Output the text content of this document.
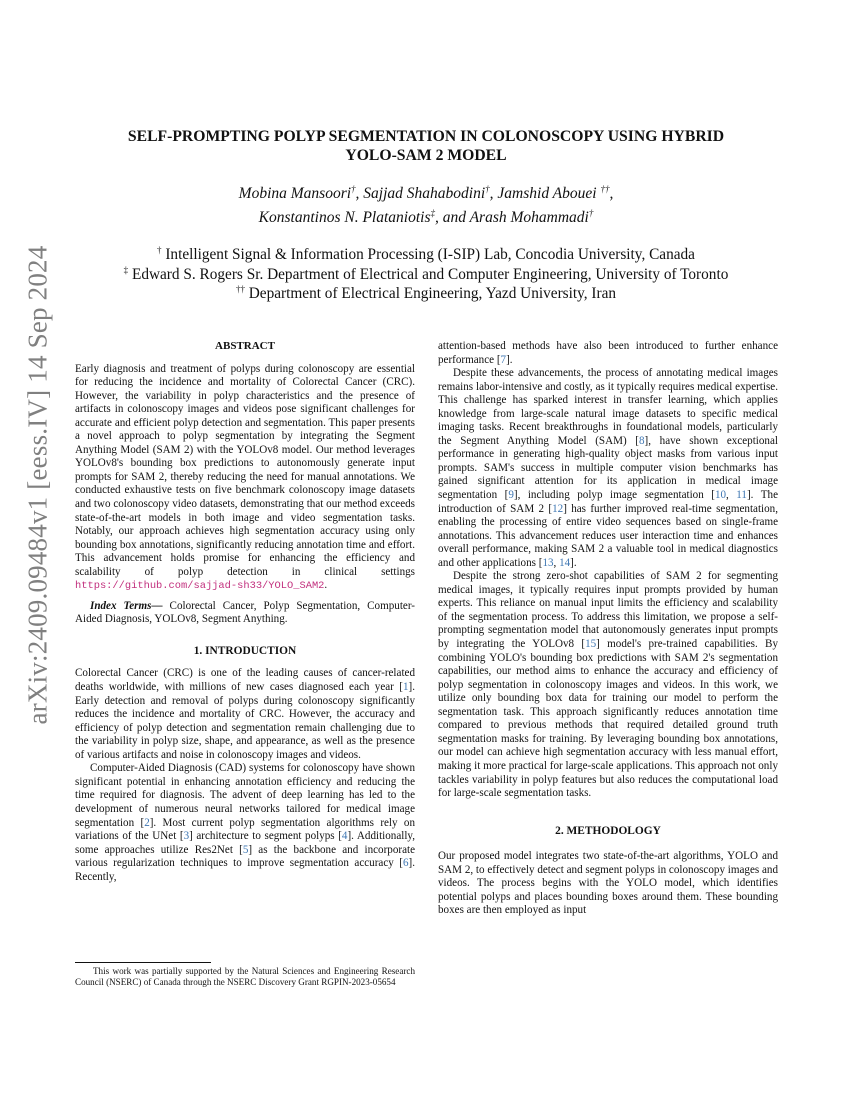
arXiv:2409.09484v1 [eess.IV] 14 Sep 2024
SELF-PROMPTING POLYP SEGMENTATION IN COLONOSCOPY USING HYBRID
YOLO-SAM 2 MODEL
Mobina Mansoori†, Sajjad Shahabodini†, Jamshid Abouei ††,
Konstantinos N. Plataniotis‡, and Arash Mohammadi†
† Intelligent Signal & Information Processing (I-SIP) Lab, Concodia University, Canada
‡ Edward S. Rogers Sr. Department of Electrical and Computer Engineering, University of Toronto
†† Department of Electrical Engineering, Yazd University, Iran
ABSTRACT

Early diagnosis and treatment of polyps during colonoscopy are essential for reducing the incidence and mortality of Colorectal Cancer (CRC). However, the variability in polyp characteristics and the presence of artifacts in colonoscopy images and videos pose significant challenges for accurate and efficient polyp detection and segmentation. This paper presents a novel approach to polyp segmentation by integrating the Segment Anything Model (SAM 2) with the YOLOv8 model. Our method leverages YOLOv8's bounding box predictions to autonomously generate input prompts for SAM 2, thereby reducing the need for manual annotations. We conducted exhaustive tests on five benchmark colonoscopy image datasets and two colonoscopy video datasets, demonstrating that our method exceeds state-of-the-art models in both image and video segmentation tasks. Notably, our approach achieves high segmentation accuracy using only bounding box annotations, significantly reducing annotation time and effort. This advancement holds promise for enhancing the efficiency and scalability of polyp detection in clinical settings https://github.com/sajjad-sh33/YOLO_SAM2.

Index Terms— Colorectal Cancer, Polyp Segmentation, Computer-Aided Diagnosis, YOLOv8, Segment Anything.

1. INTRODUCTION

Colorectal Cancer (CRC) is one of the leading causes of cancer-related deaths worldwide, with millions of new cases diagnosed each year [1]. Early detection and removal of polyps during colonoscopy significantly reduces the incidence and mortality of CRC. However, the accuracy and efficiency of polyp detection and segmentation remain challenging due to the variability in polyp size, shape, and appearance, as well as the presence of various artifacts and noise in colonoscopy images and videos.

Computer-Aided Diagnosis (CAD) systems for colonoscopy have shown significant potential in enhancing annotation efficiency and reducing the time required for diagnosis. The advent of deep learning has led to the development of numerous neural networks tailored for medical image segmentation [2]. Most current polyp segmentation algorithms rely on variations of the UNet [3] architecture to segment polyps [4]. Additionally, some approaches utilize Res2Net [5] as the backbone and incorporate various regularization techniques to improve segmentation accuracy [6]. Recently,

This work was partially supported by the Natural Sciences and Engineering Research Council (NSERC) of Canada through the NSERC Discovery Grant RGPIN-2023-05654

attention-based methods have also been introduced to further enhance performance [7].

Despite these advancements, the process of annotating medical images remains labor-intensive and costly, as it typically requires medical expertise. This challenge has sparked interest in transfer learning, which applies knowledge from large-scale natural image datasets to specific medical imaging tasks. Recent breakthroughs in foundational models, particularly the Segment Anything Model (SAM) [8], have shown exceptional performance in generating high-quality object masks from various input prompts. SAM's success in multiple computer vision benchmarks has gained significant attention for its application in medical image segmentation [9], including polyp image segmentation [10, 11]. The introduction of SAM 2 [12] has further improved real-time segmentation, enabling the processing of entire video sequences based on single-frame annotations. This advancement reduces user interaction time and enhances overall performance, making SAM 2 a valuable tool in medical diagnostics and other applications [13, 14].

Despite the strong zero-shot capabilities of SAM 2 for segmenting medical images, it typically requires input prompts provided by human experts. This reliance on manual input limits the efficiency and scalability of the segmentation process. To address this limitation, we propose a self-prompting segmentation model that autonomously generates input prompts by integrating the YOLOv8 [15] model's pre-trained capabilities. By combining YOLO's bounding box predictions with SAM 2's segmentation capabilities, our method aims to enhance the accuracy and efficiency of polyp segmentation in colonoscopy images and videos. In this work, we utilize only bounding box data for training our model to perform the segmentation task. This approach significantly reduces annotation time compared to previous methods that required detailed ground truth segmentation masks for training. By leveraging bounding box annotations, our model can achieve high segmentation accuracy with less manual effort, making it more practical for large-scale applications. This approach not only tackles variability in polyp features but also reduces the computational load for large-scale segmentation tasks.

2. METHODOLOGY

Our proposed model integrates two state-of-the-art algorithms, YOLO and SAM 2, to effectively detect and segment polyps in colonoscopy images and videos. The process begins with the YOLO model, which identifies potential polyps and places bounding boxes around them. These bounding boxes are then employed as input
